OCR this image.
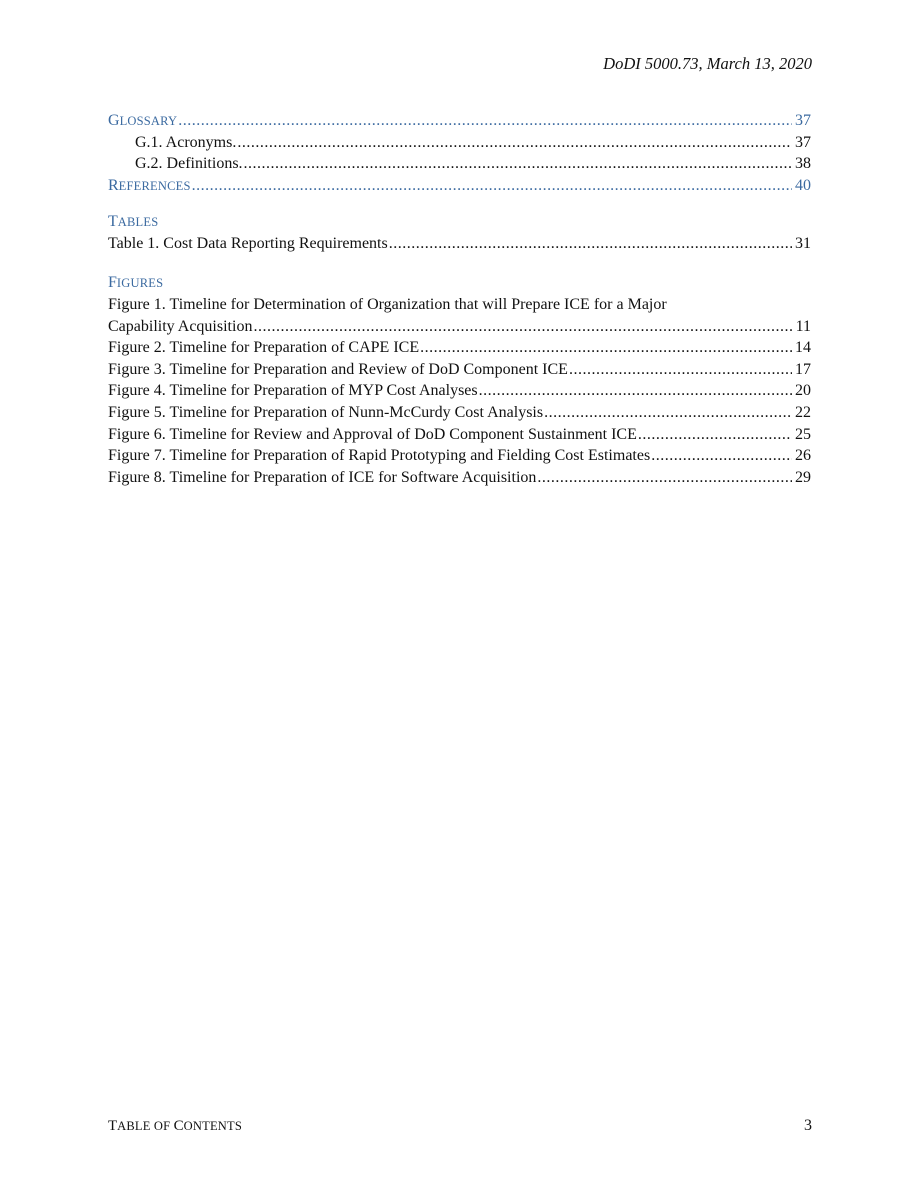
DoDI 5000.73, March 13, 2020
GLOSSARY .....	37
G.1. Acronyms. .....	37
G.2. Definitions. .....	38
REFERENCES .....	40
TABLES
Table 1. Cost Data Reporting Requirements .....	31
FIGURES
Figure 1. Timeline for Determination of Organization that will Prepare ICE for a Major
Capability Acquisition .....	11
Figure 2. Timeline for Preparation of CAPE ICE .....	14
Figure 3. Timeline for Preparation and Review of DoD Component ICE .....	17
Figure 4. Timeline for Preparation of MYP Cost Analyses .....	20
Figure 5. Timeline for Preparation of Nunn-McCurdy Cost Analysis .....	22
Figure 6. Timeline for Review and Approval of DoD Component Sustainment ICE .....	25
Figure 7. Timeline for Preparation of Rapid Prototyping and Fielding Cost Estimates .....	26
Figure 8. Timeline for Preparation of ICE for Software Acquisition .....	29
TABLE OF CONTENTS	3
